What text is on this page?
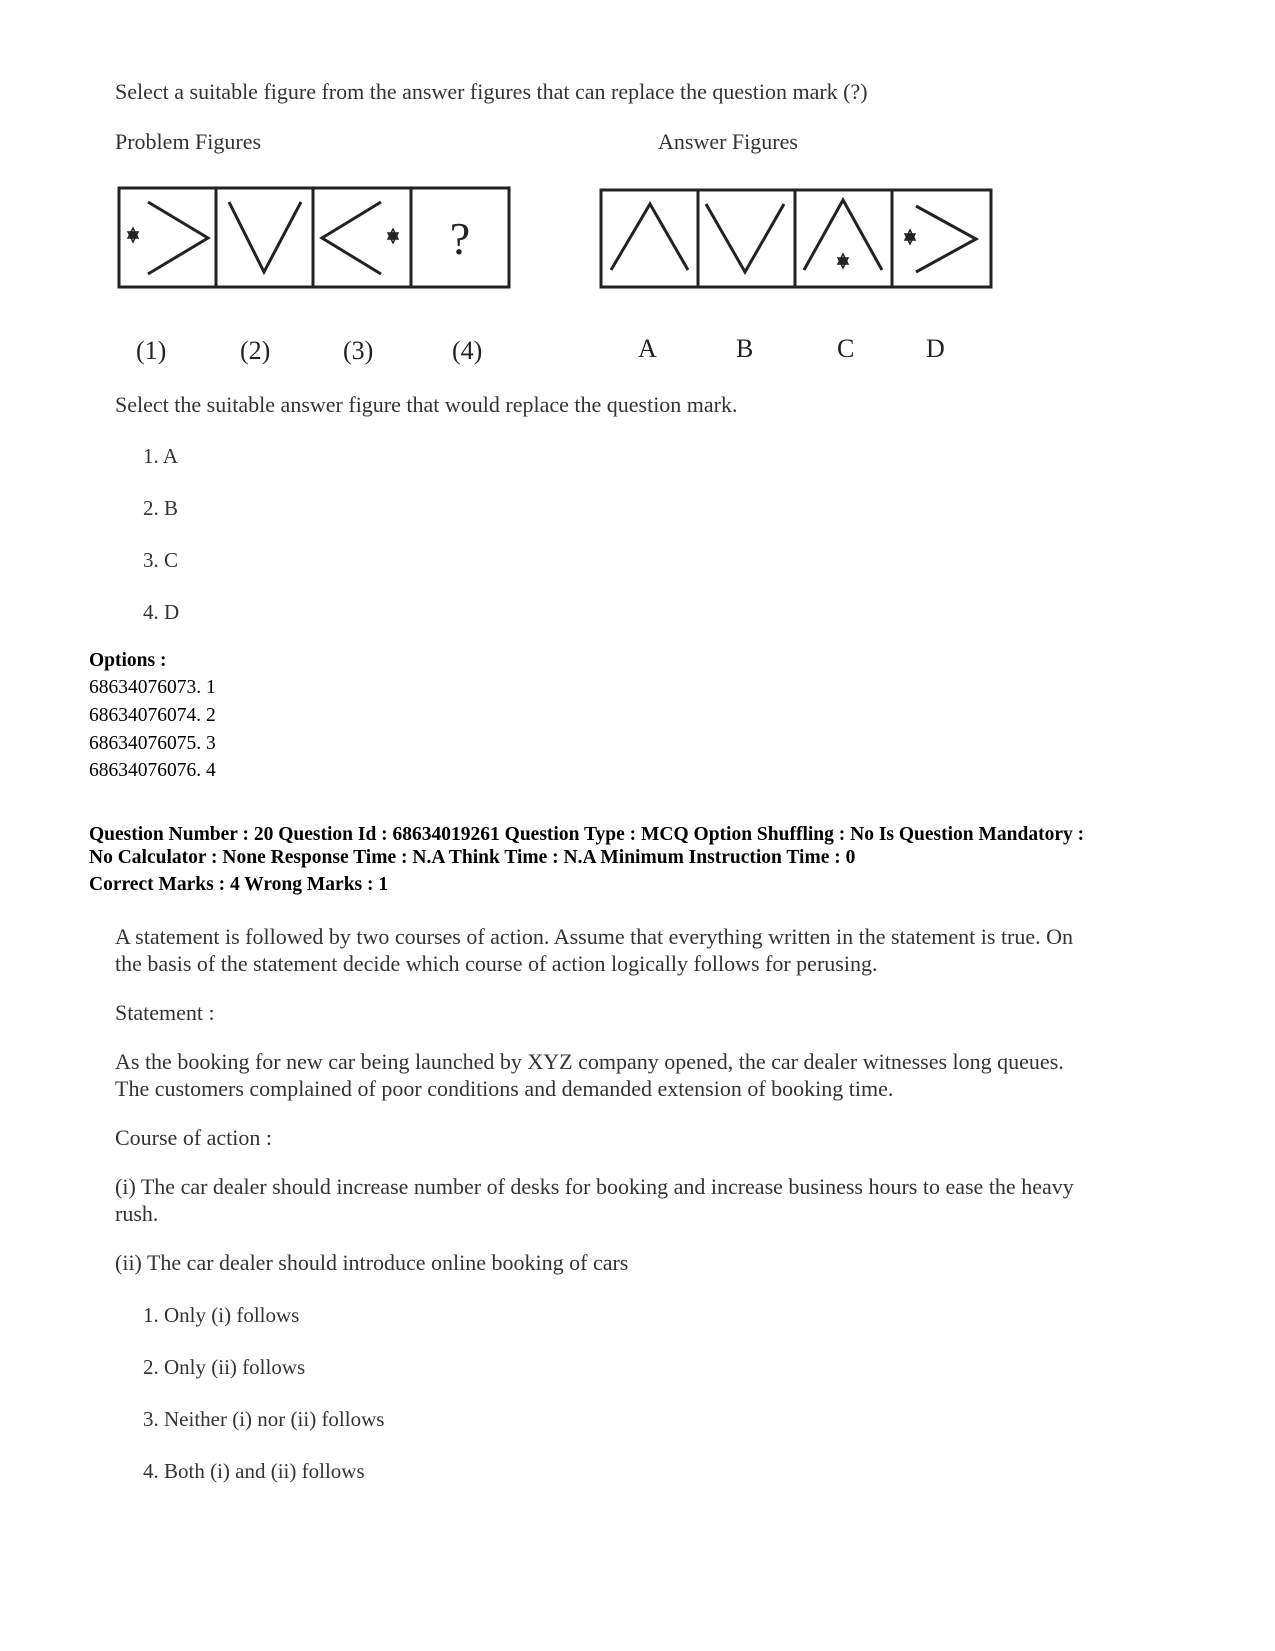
Select a suitable figure from the answer figures that can replace the question mark (?)
Problem Figures	Answer Figures
?
(1)	(2)	(3)	(4)	A	B	C	D
Select the suitable answer figure that would replace the question mark.
1. A
2. B
3. C
4. D
Options :
68634076073. 1
68634076074. 2
68634076075. 3
68634076076. 4
Question Number : 20 Question Id : 68634019261 Question Type : MCQ Option Shuffling : No Is Question Mandatory :
No Calculator : None Response Time : N.A Think Time : N.A Minimum Instruction Time : 0
Correct Marks : 4 Wrong Marks : 1
A statement is followed by two courses of action. Assume that everything written in the statement is true. On
the basis of the statement decide which course of action logically follows for perusing.
Statement :
As the booking for new car being launched by XYZ company opened, the car dealer witnesses long queues.
The customers complained of poor conditions and demanded extension of booking time.
Course of action :
(i) The car dealer should increase number of desks for booking and increase business hours to ease the heavy
rush.
(ii) The car dealer should introduce online booking of cars
1. Only (i) follows
2. Only (ii) follows
3. Neither (i) nor (ii) follows
4. Both (i) and (ii) follows
